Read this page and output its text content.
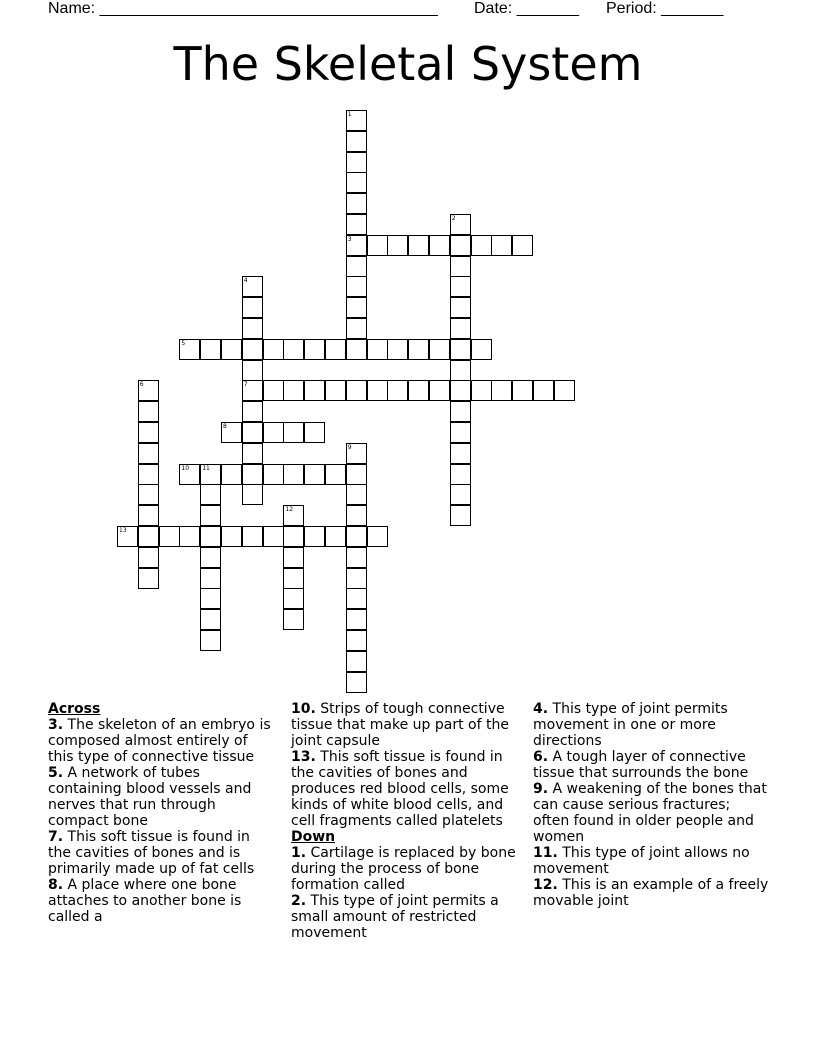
Name: ______________________________________ Date: _______ Period: _______
The Skeletal System
1
3
2
4
7
5
6
8
9
10 11
12
13
Across
3. The skeleton of an embryo is composed almost entirely of this type of connective tissue
5. A network of tubes containing blood vessels and nerves that run through compact bone
7. This soft tissue is found in the cavities of bones and is primarily made up of fat cells
8. A place where one bone attaches to another bone is called a
10. Strips of tough connective tissue that make up part of the joint capsule
13. This soft tissue is found in the cavities of bones and produces red blood cells, some kinds of white blood cells, and cell fragments called platelets
Down
1. Cartilage is replaced by bone during the process of bone formation called
2. This type of joint permits a small amount of restricted movement
4. This type of joint permits movement in one or more directions
6. A tough layer of connective tissue that surrounds the bone
9. A weakening of the bones that can cause serious fractures; often found in older people and women
11. This type of joint allows no movement
12. This is an example of a freely movable joint
